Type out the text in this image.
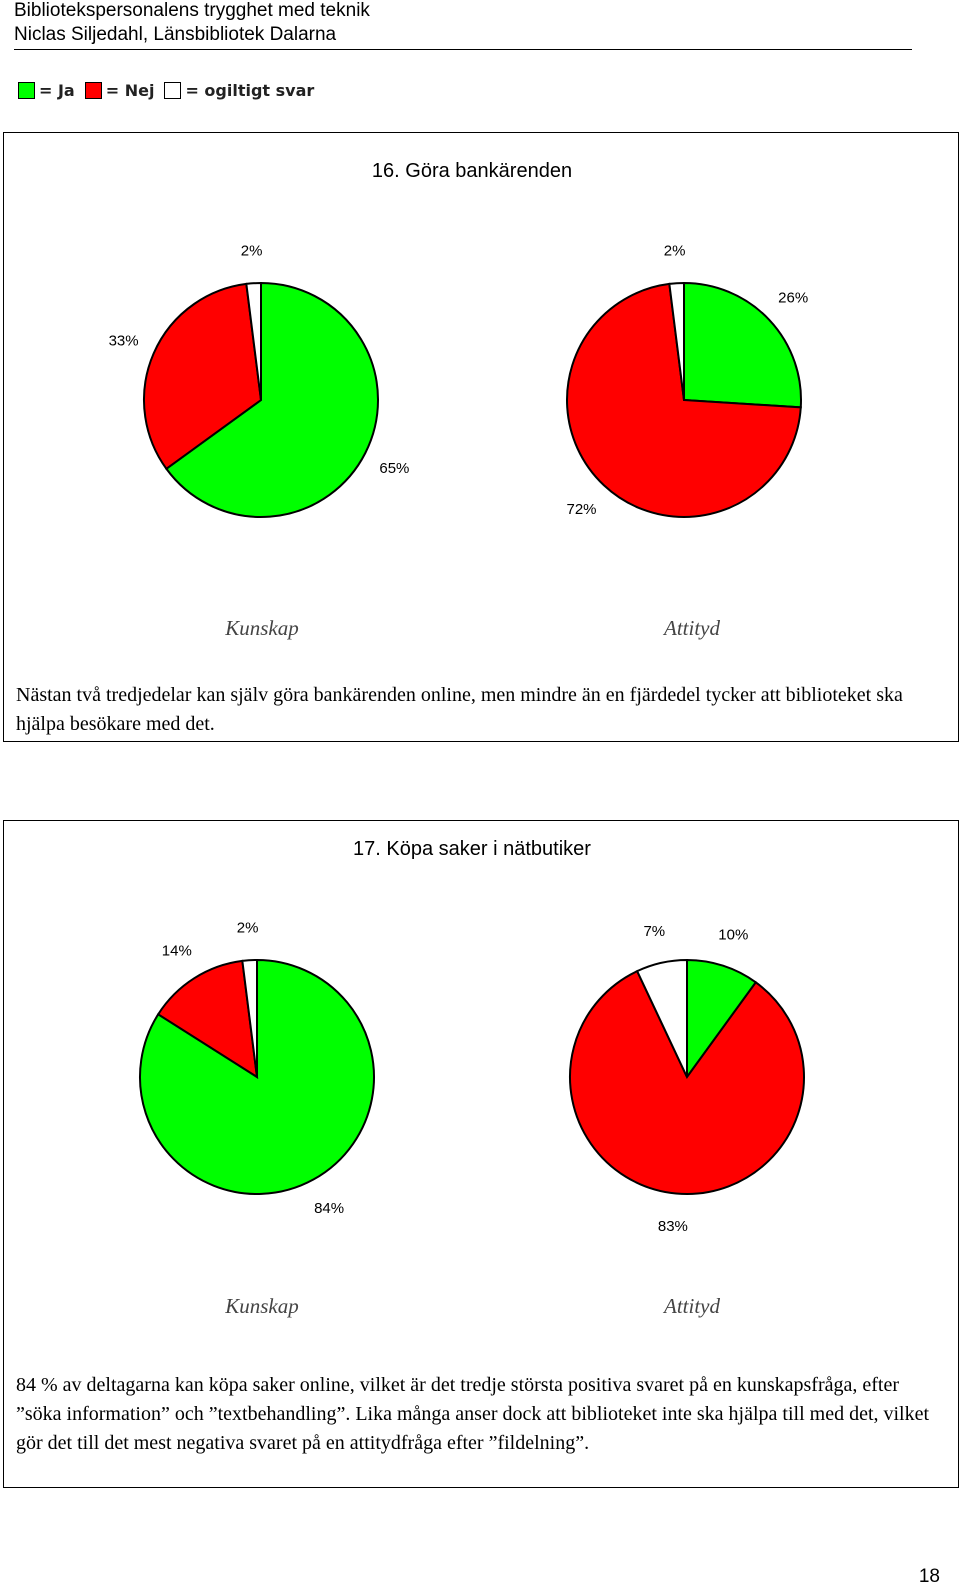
Bibliotekspersonalens trygghet med teknik
Niclas Siljedahl, Länsbibliotek Dalarna
= Ja = Nej = ogiltigt svar
16. Göra bankärenden
65%
33%
2%
26%
72%
2%
Kunskap	Attityd
Nästan två tredjedelar kan själv göra bankärenden online, men mindre än en fjärdedel tycker att biblioteket ska hjälpa besökare med det.
17. Köpa saker i nätbutiker
84%
14%
2%	10%
83%
7%
Kunskap	Attityd
84 % av deltagarna kan köpa saker online, vilket är det tredje största positiva svaret på en kunskapsfråga, efter ”söka information” och ”textbehandling”. Lika många anser dock att biblioteket inte ska hjälpa till med det, vilket gör det till det mest negativa svaret på en attitydfråga efter ”fildelning”.
18
